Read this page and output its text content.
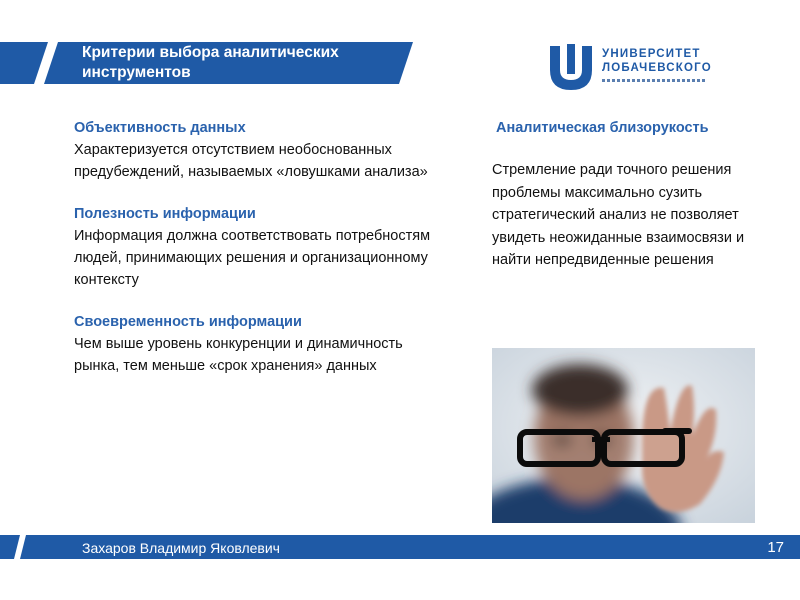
Критерии выбора аналитических инструментов
УНИВЕРСИТЕТ
ЛОБАЧЕВСКОГО

Объективность данных

Характеризуется отсутствием необоснованных предубеждений, называемых «ловушками анализа»

Полезность информации

Информация должна соответствовать потребностям людей, принимающих решения и организационному контексту

Своевременность информации

Чем выше уровень конкуренции и динамичность рынка, тем меньше «срок хранения» данных

Аналитическая близорукость

Стремление ради точного решения проблемы максимально сузить стратегический анализ не позволяет увидеть неожиданные взаимосвязи и найти непредвиденные решения

Захаров Владимир Яковлевич	17
